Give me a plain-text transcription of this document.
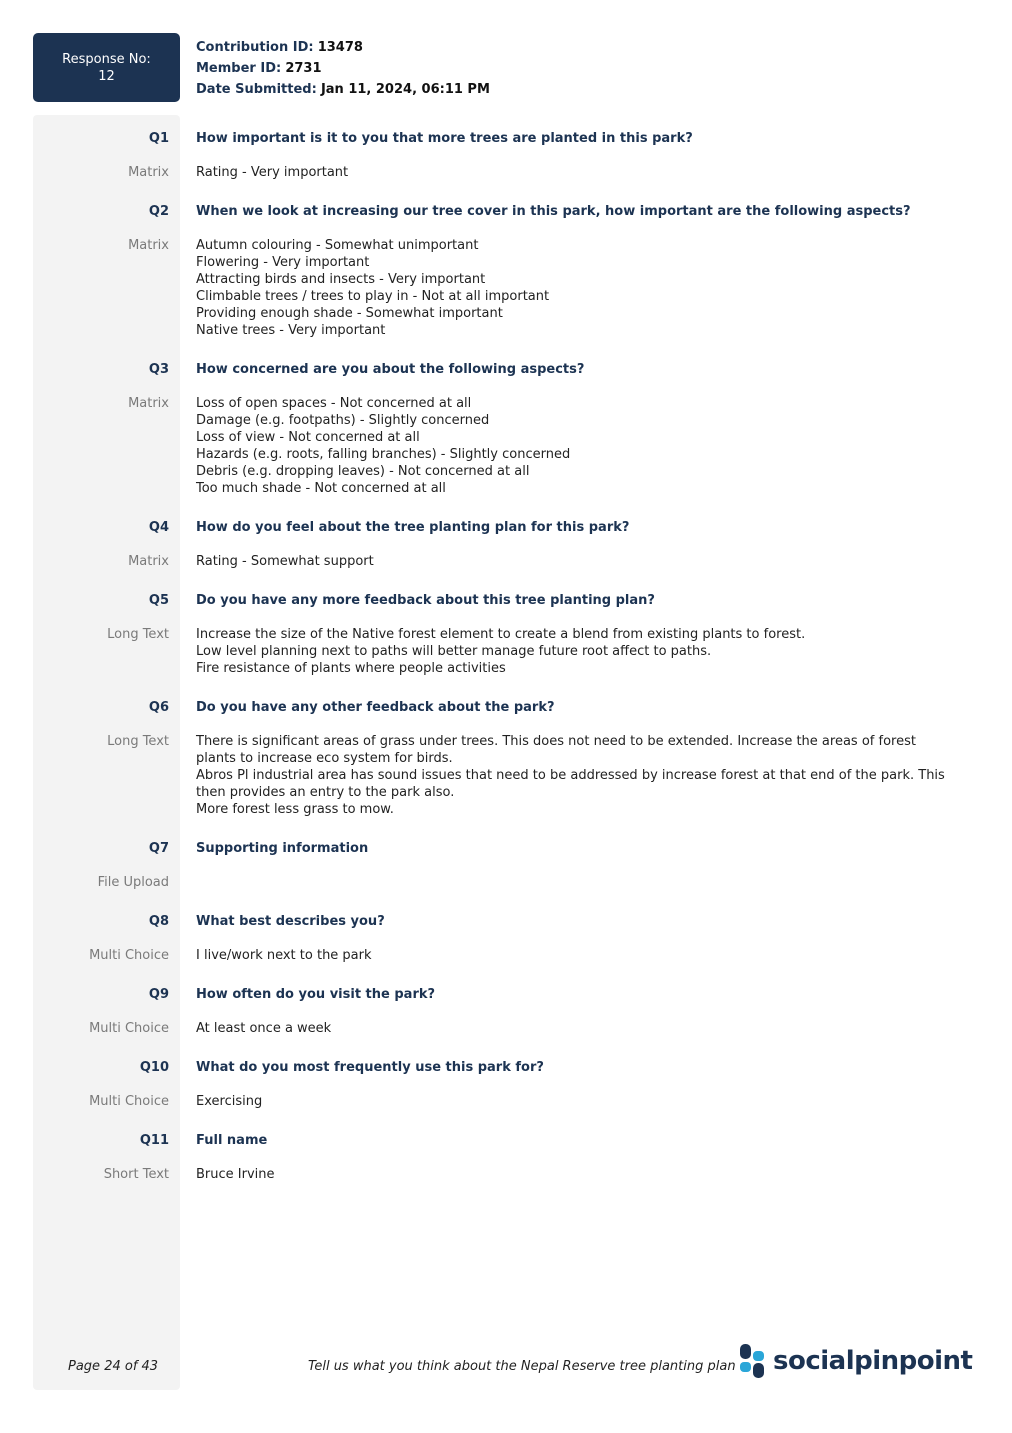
Response No:
12
Contribution ID: 13478
Member ID: 2731
Date Submitted: Jan 11, 2024, 06:11 PM
Q1 How important is it to you that more trees are planted in this park?
Matrix Rating - Very important
Q2 When we look at increasing our tree cover in this park, how important are the following aspects?
Matrix Autumn colouring - Somewhat unimportant
Flowering - Very important
Attracting birds and insects - Very important
Climbable trees / trees to play in - Not at all important
Providing enough shade - Somewhat important
Native trees - Very important
Q3 How concerned are you about the following aspects?
Matrix Loss of open spaces - Not concerned at all
Damage (e.g. footpaths) - Slightly concerned
Loss of view - Not concerned at all
Hazards (e.g. roots, falling branches) - Slightly concerned
Debris (e.g. dropping leaves) - Not concerned at all
Too much shade - Not concerned at all
Q4 How do you feel about the tree planting plan for this park?
Matrix Rating - Somewhat support
Q5 Do you have any more feedback about this tree planting plan?
Long Text Increase the size of the Native forest element to create a blend from existing plants to forest.
Low level planning next to paths will better manage future root affect to paths.
Fire resistance of plants where people activities
Q6 Do you have any other feedback about the park?
Long Text There is significant areas of grass under trees. This does not need to be extended. Increase the areas of forest plants to increase eco system for birds.
Abros Pl industrial area has sound issues that need to be addressed by increase forest at that end of the park. This then provides an entry to the park also.
More forest less grass to mow.
Q7 Supporting information
File Upload
Q8 What best describes you?
Multi Choice I live/work next to the park
Q9 How often do you visit the park?
Multi Choice At least once a week
Q10 What do you most frequently use this park for?
Multi Choice Exercising
Q11 Full name
Short Text Bruce Irvine
Page 24 of 43	Tell us what you think about the Nepal Reserve tree planting plan socialpinpoint
